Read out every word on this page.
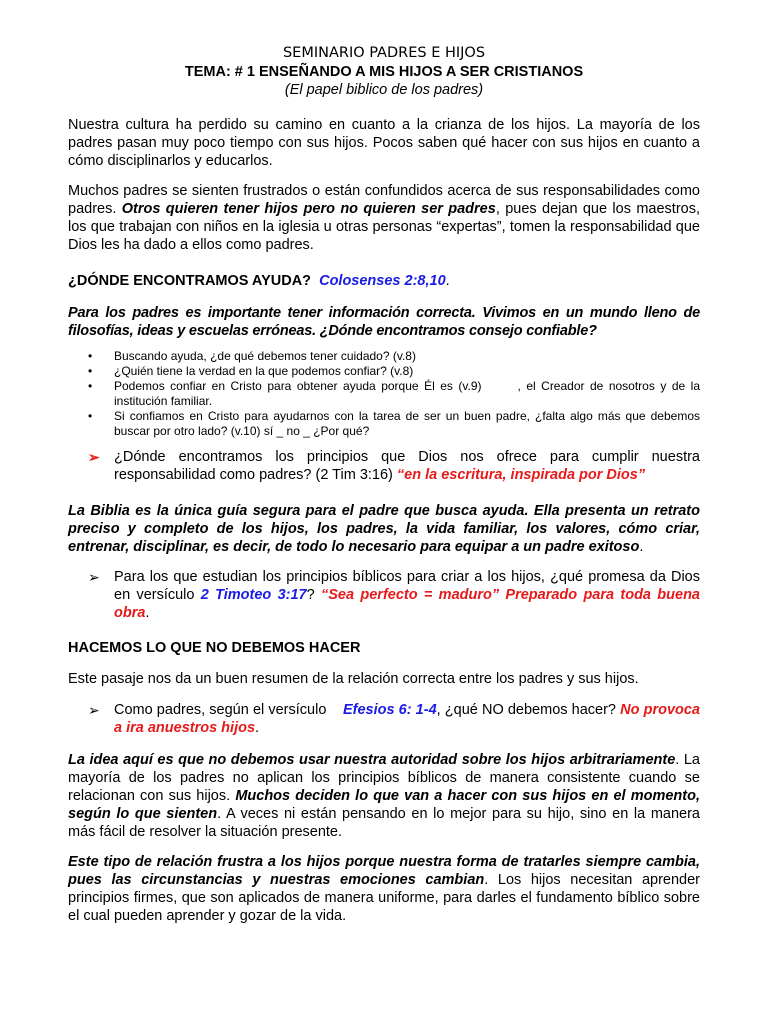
SEMINARIO PADRES E HIJOS
TEMA: # 1 ENSEÑANDO A MIS HIJOS A SER CRISTIANOS
(El papel biblico de los padres)

Nuestra cultura ha perdido su camino en cuanto a la crianza de los hijos. La mayoría de los padres pasan muy poco tiempo con sus hijos. Pocos saben qué hacer con sus hijos en cuanto a cómo disciplinarlos y educarlos.

Muchos padres se sienten frustrados o están confundidos acerca de sus responsabilidades como padres. Otros quieren tener hijos pero no quieren ser padres, pues dejan que los maestros, los que trabajan con niños en la iglesia u otras personas “expertas”, tomen la responsabilidad que Dios les ha dado a ellos como padres.

¿DÓNDE ENCONTRAMOS AYUDA? Colosenses 2:8,10.

Para los padres es importante tener información correcta. Vivimos en un mundo lleno de filosofías, ideas y escuelas erróneas. ¿Dónde encontramos consejo confiable?

• Buscando ayuda, ¿de qué debemos tener cuidado? (v.8)
• ¿Quién tiene la verdad en la que podemos confiar? (v.8)
• Podemos confiar en Cristo para obtener ayuda porque Él es (v.9)	, el Creador de nosotros y de la institución familiar.
• Si confiamos en Cristo para ayudarnos con la tarea de ser un buen padre, ¿falta algo más que debemos buscar por otro lado? (v.10) sí _ no _ ¿Por qué?
➢ ¿Dónde encontramos los principios que Dios nos ofrece para cumplir nuestra responsabilidad como padres? (2 Tim 3:16) “en la escritura, inspirada por Dios”

La Biblia es la única guía segura para el padre que busca ayuda. Ella presenta un retrato preciso y completo de los hijos, los padres, la vida familiar, los valores, cómo criar, entrenar, disciplinar, es decir, de todo lo necesario para equipar a un padre exitoso.

➢ Para los que estudian los principios bíblicos para criar a los hijos, ¿qué promesa da Dios en versículo 2 Timoteo 3:17? “Sea perfecto = maduro” Preparado para toda buena obra.
HACEMOS LO QUE NO DEBEMOS HACER

Este pasaje nos da un buen resumen de la relación correcta entre los padres y sus hijos.

➢ Como padres, según el versículo    Efesios 6: 1-4, ¿qué NO debemos hacer? No provoca a ira anuestros hijos.

La idea aquí es que no debemos usar nuestra autoridad sobre los hijos arbitrariamente. La mayoría de los padres no aplican los principios bíblicos de manera consistente cuando se relacionan con sus hijos. Muchos deciden lo que van a hacer con sus hijos en el momento, según lo que sienten. A veces ni están pensando en lo mejor para su hijo, sino en la manera más fácil de resolver la situación presente.

Este tipo de relación frustra a los hijos porque nuestra forma de tratarles siempre cambia, pues las circunstancias y nuestras emociones cambian. Los hijos necesitan aprender principios firmes, que son aplicados de manera uniforme, para darles el fundamento bíblico sobre el cual pueden aprender y gozar de la vida.
